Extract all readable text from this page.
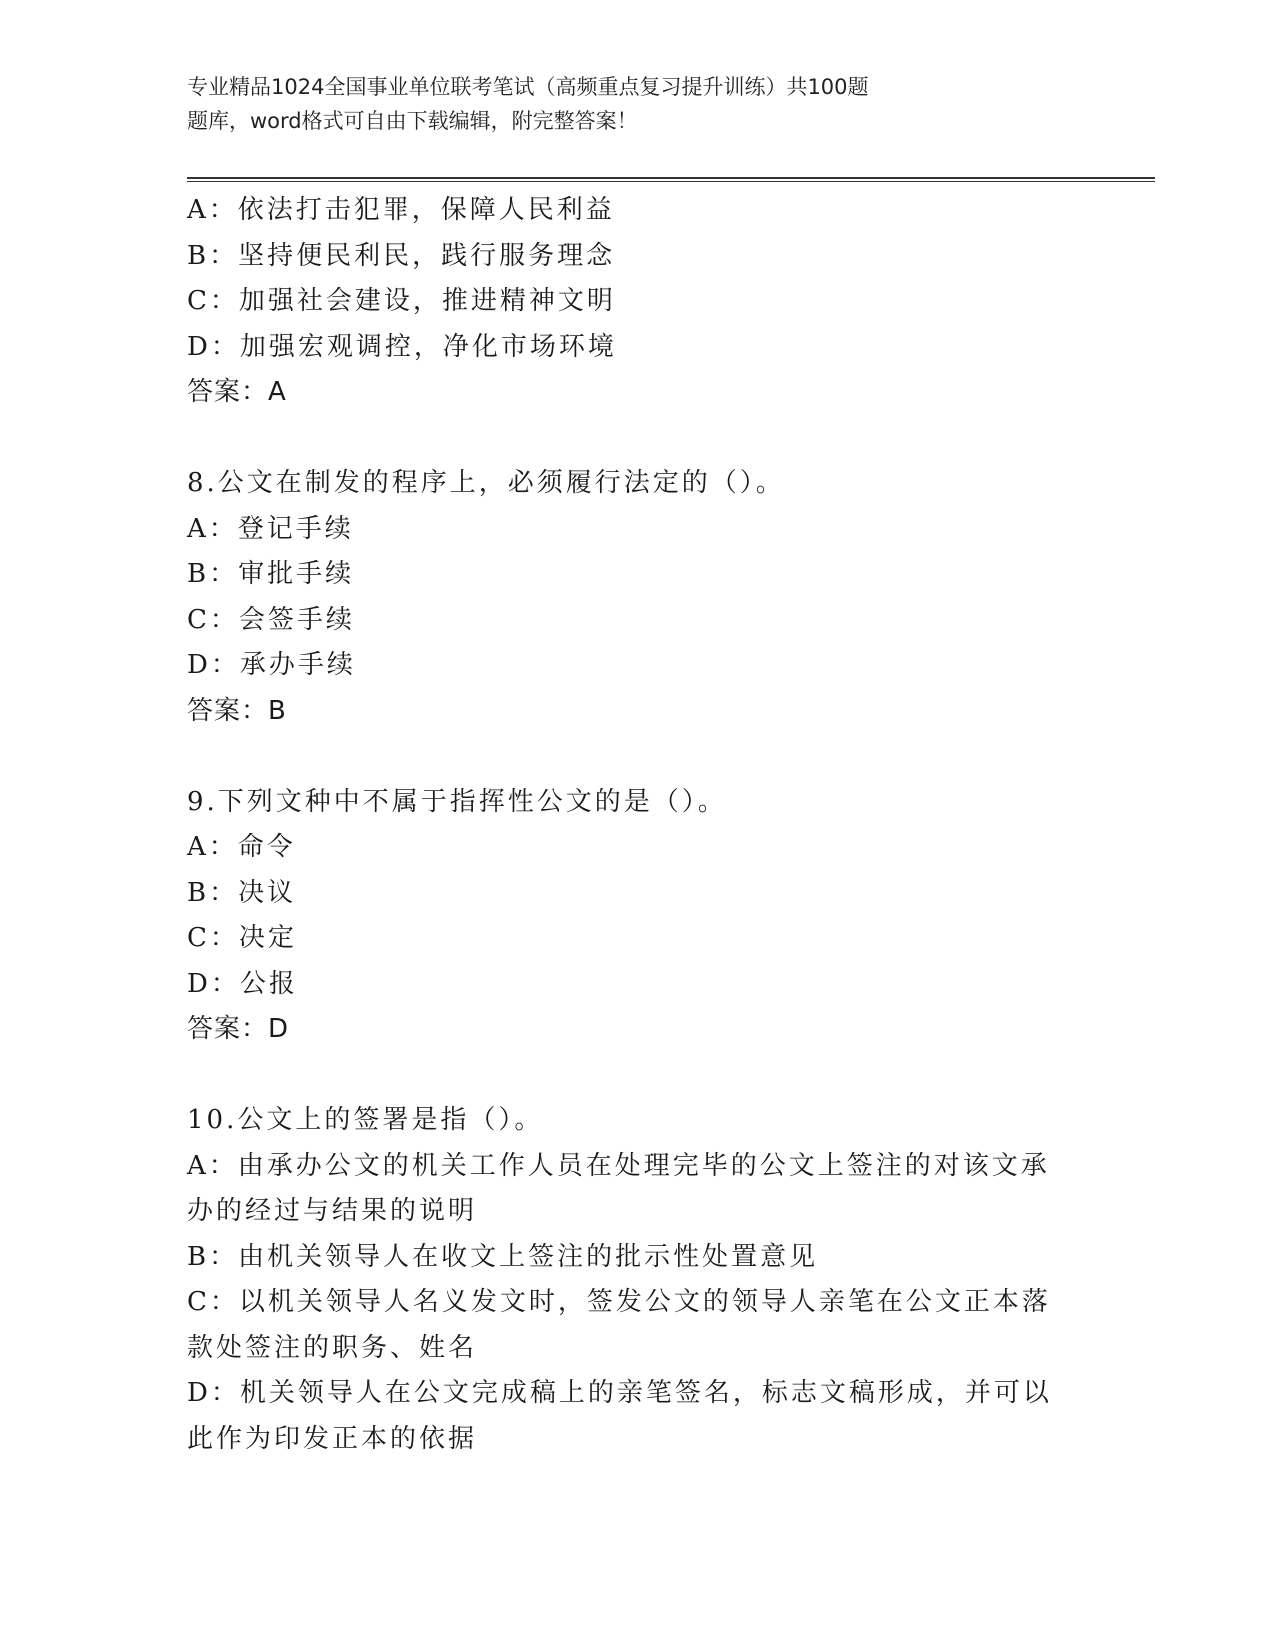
专业精品1024全国事业单位联考笔试（高频重点复习提升训练）共100题
题库，word格式可自由下载编辑，附完整答案！
A：依法打击犯罪，保障人民利益
B：坚持便民利民，践行服务理念
C：加强社会建设，推进精神文明
D：加强宏观调控，净化市场环境
答案：A
8.公文在制发的程序上，必须履行法定的（）。
A：登记手续
B：审批手续
C：会签手续
D：承办手续
答案：B
9.下列文种中不属于指挥性公文的是（）。
A：命令
B：决议
C：决定
D：公报
答案：D
10.公文上的签署是指（）。
A：由承办公文的机关工作人员在处理完毕的公文上签注的对该文承办的经过与结果的说明
B：由机关领导人在收文上签注的批示性处置意见
C：以机关领导人名义发文时，签发公文的领导人亲笔在公文正本落款处签注的职务、姓名
D：机关领导人在公文完成稿上的亲笔签名，标志文稿形成，并可以此作为印发正本的依据
